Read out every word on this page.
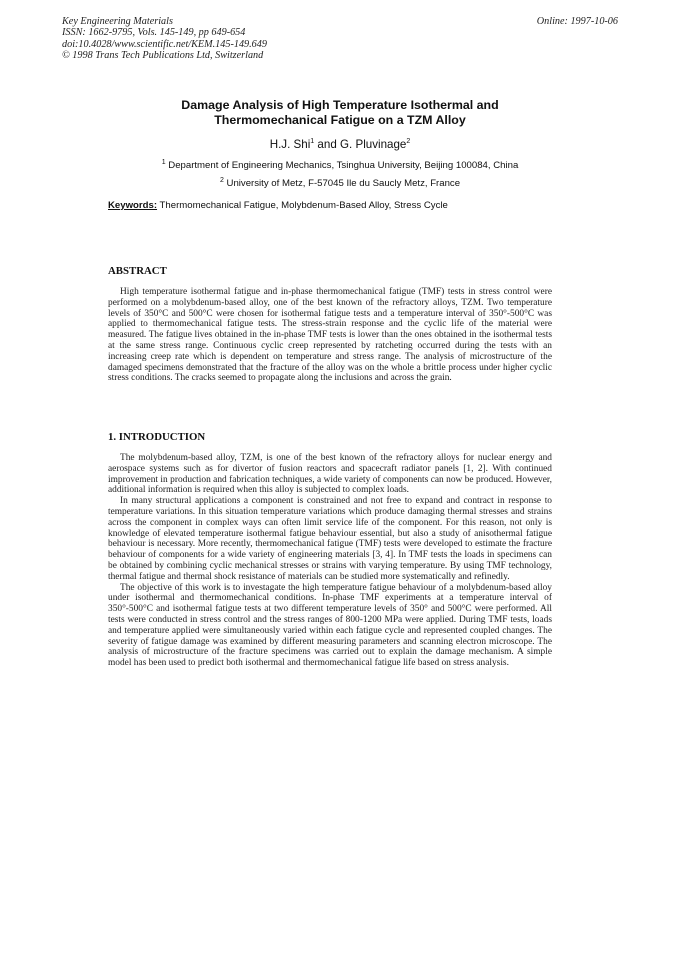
Key Engineering Materials
ISSN: 1662-9795, Vols. 145-149, pp 649-654
doi:10.4028/www.scientific.net/KEM.145-149.649
© 1998 Trans Tech Publications Ltd, Switzerland
Online: 1997-10-06
Damage Analysis of High Temperature Isothermal and
Thermomechanical Fatigue on a TZM Alloy
H.J. Shi$^1$ and G. Pluvinage$^2$
$^1$ Department of Engineering Mechanics, Tsinghua University, Beijing 100084, China
$^2$ University of Metz, F-57045 Ile du Saucly Metz, France
Keywords: Thermomechanical Fatigue, Molybdenum-Based Alloy, Stress Cycle
ABSTRACT

High temperature isothermal fatigue and in-phase thermomechanical fatigue (TMF) tests in stress control were performed on a molybdenum-based alloy, one of the best known of the refractory alloys, TZM. Two temperature levels of 350°C and 500°C were chosen for isothermal fatigue tests and a temperature interval of 350°-500°C was applied to thermomechanical fatigue tests. The stress-strain response and the cyclic life of the material were measured. The fatigue lives obtained in the in-phase TMF tests is lower than the ones obtained in the isothermal tests at the same stress range. Continuous cyclic creep represented by ratcheting occurred during the tests with an increasing creep rate which is dependent on temperature and stress range. The analysis of microstructure of the damaged specimens demonstrated that the fracture of the alloy was on the whole a brittle process under higher cyclic stress conditions. The cracks seemed to propagate along the inclusions and across the grain.

1. INTRODUCTION

The molybdenum-based alloy, TZM, is one of the best known of the refractory alloys for nuclear energy and aerospace systems such as for divertor of fusion reactors and spacecraft radiator panels [1, 2]. With continued improvement in production and fabrication techniques, a wide variety of components can now be produced. However, additional information is required when this alloy is subjected to complex loads.

In many structural applications a component is constrained and not free to expand and contract in response to temperature variations. In this situation temperature variations which produce damaging thermal stresses and strains across the component in complex ways can often limit service life of the component. For this reason, not only is knowledge of elevated temperature isothermal fatigue behaviour essential, but also a study of anisothermal fatigue behaviour is necessary. More recently, thermomechanical fatigue (TMF) tests were developed to estimate the fracture behaviour of components for a wide variety of engineering materials [3, 4]. In TMF tests the loads in specimens can be obtained by combining cyclic mechanical stresses or strains with varying temperature. By using TMF technology, thermal fatigue and thermal shock resistance of materials can be studied more systematically and refinedly.

The objective of this work is to investagate the high temperature fatigue behaviour of a molybdenum-based alloy under isothermal and thermomechanical conditions. In-phase TMF experiments at a temperature interval of 350°-500°C and isothermal fatigue tests at two different temperature levels of 350° and 500°C were performed. All tests were conducted in stress control and the stress ranges of 800-1200 MPa were applied. During TMF tests, loads and temperature applied were simultaneously varied within each fatigue cycle and represented coupled changes. The severity of fatigue damage was examined by different measuring parameters and scanning electron microscope. The analysis of microstructure of the fracture specimens was carried out to explain the damage mechanism. A simple model has been used to predict both isothermal and thermomechanical fatigue life based on stress analysis.
